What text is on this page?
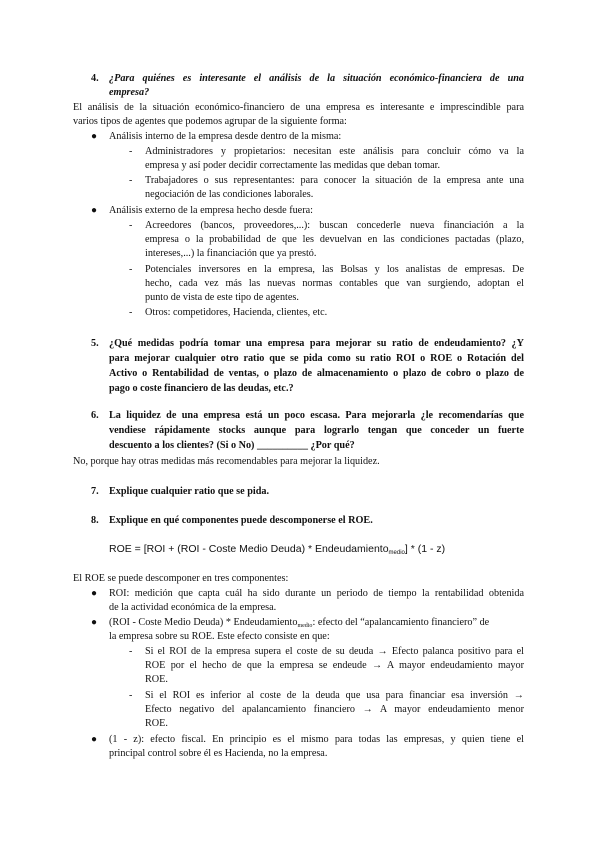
4. ¿Para quiénes es interesante el análisis de la situación económico-financiera de una
empresa?
El análisis de la situación económico-financiero de una empresa es interesante e imprescindible para
varios tipos de agentes que podemos agrupar de la siguiente forma:
● Análisis interno de la empresa desde dentro de la misma:
- Administradores y propietarios: necesitan este análisis para concluir cómo va la
empresa y así poder decidir correctamente las medidas que deban tomar.
- Trabajadores o sus representantes: para conocer la situación de la empresa ante una
negociación de las condiciones laborales.
● Análisis externo de la empresa hecho desde fuera:
- Acreedores (bancos, proveedores,...): buscan concederle nueva financiación a la
empresa o la probabilidad de que les devuelvan en las condiciones pactadas (plazo,
intereses,...) la financiación que ya prestó.
- Potenciales inversores en la empresa, las Bolsas y los analistas de empresas. De
hecho, cada vez más las nuevas normas contables que van surgiendo, adoptan el
punto de vista de este tipo de agentes.
- Otros: competidores, Hacienda, clientes, etc.
5. ¿Qué medidas podría tomar una empresa para mejorar su ratio de endeudamiento? ¿Y
para mejorar cualquier otro ratio que se pida como su ratio ROI o ROE o Rotación del
Activo o Rentabilidad de ventas, o plazo de almacenamiento o plazo de cobro o plazo de
pago o coste financiero de las deudas, etc.?
6. La liquidez de una empresa está un poco escasa. Para mejorarla ¿le recomendarías que
vendiese rápidamente stocks aunque para lograrlo tengan que conceder un fuerte
descuento a los clientes? (Si o No) __________ ¿Por qué?
No, porque hay otras medidas más recomendables para mejorar la liquidez.
7. Explique cualquier ratio que se pida.
8. Explique en qué componentes puede descomponerse el ROE.
ROE = [ROI + (ROI - Coste Medio Deuda) * Endeudamiento$_{medio}$] * (1 - z)
El ROE se puede descomponer en tres componentes:
● ROI: medición que capta cuál ha sido durante un periodo de tiempo la rentabilidad obtenida
de la actividad económica de la empresa.
● (ROI - Coste Medio Deuda) * Endeudamiento$_{medio}$: efecto del “apalancamiento financiero” de
la empresa sobre su ROE. Este efecto consiste en que:
- Si el ROI de la empresa supera el coste de su deuda → Efecto palanca positivo para el
ROE por el hecho de que la empresa se endeude → A mayor endeudamiento mayor
ROE.
- Si el ROI es inferior al coste de la deuda que usa para financiar esa inversión →
Efecto negativo del apalancamiento financiero → A mayor endeudamiento menor
ROE.
● (1 - z): efecto fiscal. En principio es el mismo para todas las empresas, y quien tiene el
principal control sobre él es Hacienda, no la empresa.
